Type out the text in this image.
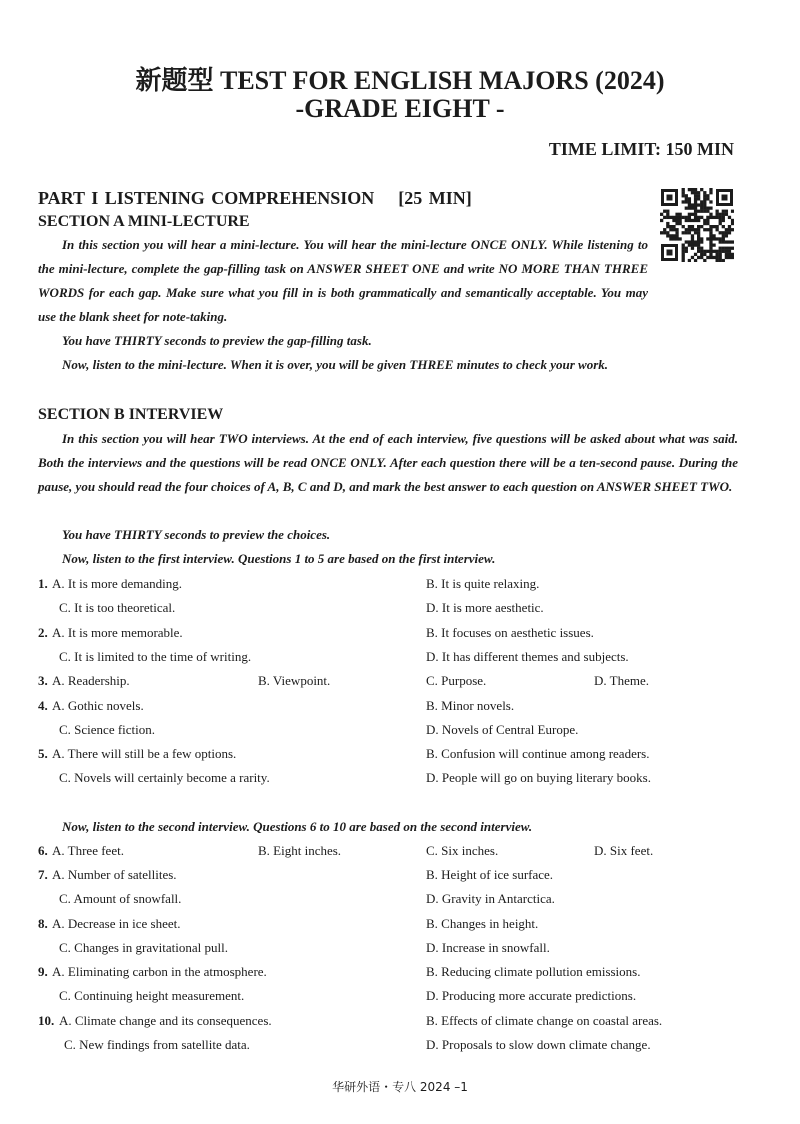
新题型 TEST FOR ENGLISH MAJORS (2024)
-GRADE EIGHT -
TIME LIMIT: 150 MIN
PART I LISTENING COMPREHENSION [25 MIN]
SECTION A MINI-LECTURE
In this section you will hear a mini-lecture. You will hear the mini-lecture ONCE ONLY. While listening to the mini-lecture, complete the gap-filling task on ANSWER SHEET ONE and write NO MORE THAN THREE WORDS for each gap. Make sure what you fill in is both grammatically and semantically acceptable. You may use the blank sheet for note-taking.
You have THIRTY seconds to preview the gap-filling task.
Now, listen to the mini-lecture. When it is over, you will be given THREE minutes to check your work.
SECTION B INTERVIEW
In this section you will hear TWO interviews. At the end of each interview, five questions will be asked about what was said. Both the interviews and the questions will be read ONCE ONLY. After each question there will be a ten-second pause. During the pause, you should read the four choices of A, B, C and D, and mark the best answer to each question on ANSWER SHEET TWO.
You have THIRTY seconds to preview the choices.
Now, listen to the first interview. Questions 1 to 5 are based on the first interview.
1. A. It is more demanding.	B. It is quite relaxing.
C. It is too theoretical.	D. It is more aesthetic.
2. A. It is more memorable.	B. It focuses on aesthetic issues.
C. It is limited to the time of writing.	D. It has different themes and subjects.
3. A. Readership.	B. Viewpoint.	C. Purpose.	D. Theme.
4. A. Gothic novels.	B. Minor novels.
C. Science fiction.	D. Novels of Central Europe.
5. A. There will still be a few options.	B. Confusion will continue among readers.
C. Novels will certainly become a rarity.	D. People will go on buying literary books.
Now, listen to the second interview. Questions 6 to 10 are based on the second interview.
6. A. Three feet.	B. Eight inches.	C. Six inches.	D. Six feet.
7. A. Number of satellites.	B. Height of ice surface.
C. Amount of snowfall.	D. Gravity in Antarctica.
8. A. Decrease in ice sheet.	B. Changes in height.
C. Changes in gravitational pull.	D. Increase in snowfall.
9. A. Eliminating carbon in the atmosphere.	B. Reducing climate pollution emissions.
C. Continuing height measurement.	D. Producing more accurate predictions.
10. A. Climate change and its consequences.	B. Effects of climate change on coastal areas.
C. New findings from satellite data.	D. Proposals to slow down climate change.
华研外语・专八 2024 –1
